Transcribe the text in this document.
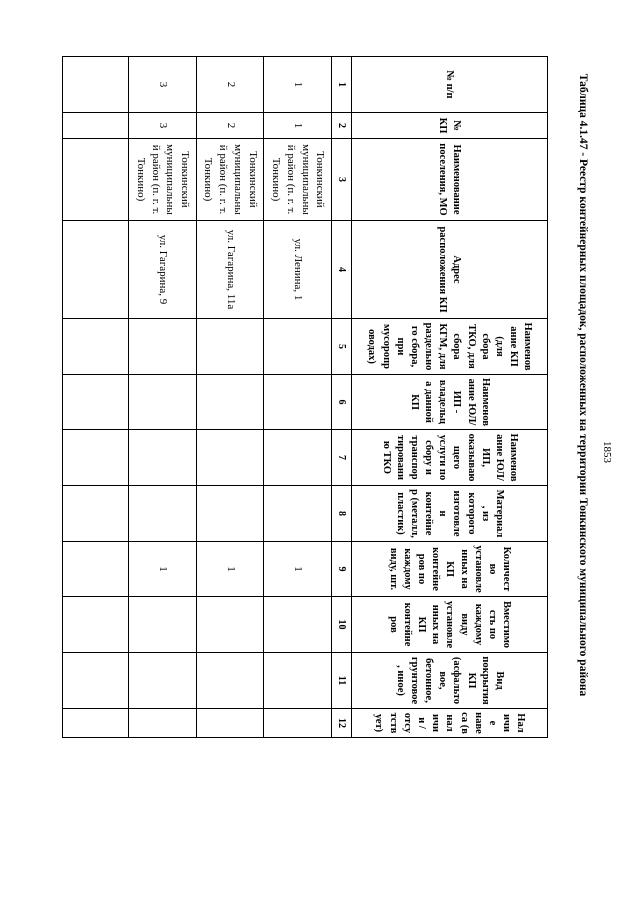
1853
Таблица 4.1.47 - Реестр контейнерных площадок, расположенных на территории Тонкинского муниципального района
№ п/п	№ КП	Наименование поселения, МО	Адрес расположения КП	Наименование КП (для сбора ТКО, для сбора КГМ, для раздельного сбора, при мусоропроводах)	Наименование ЮЛ/ИП - владельца данной КП	Наименование ЮЛ/ИП, оказывающего услуги по сбору и транспортированию ТКО	Материал, из которого изготовлен контейнер (металл, пластик)	Количество установленных на КП контейнеров по каждому виду, шт.	Вместимость по каждому виду установленных на КП контейнеров	Вид покрытия КП (асфальтовое, бетонное, грунтовое, иное)	Наличие навеса (в наличии / отсутствует)
1	2	3	4	5	6	7	8	9	10	11	12
1	1	Тонкинский муниципальный район (п. г. т. Тонкино)	ул. Ленина, 1					1			
2	2	Тонкинский муниципальный район (п. г. т. Тонкино)	ул. Гагарина, 11а					1			
3	3	Тонкинский муниципальный район (п. г. т. Тонкино)	ул. Гагарина, 9					1			
